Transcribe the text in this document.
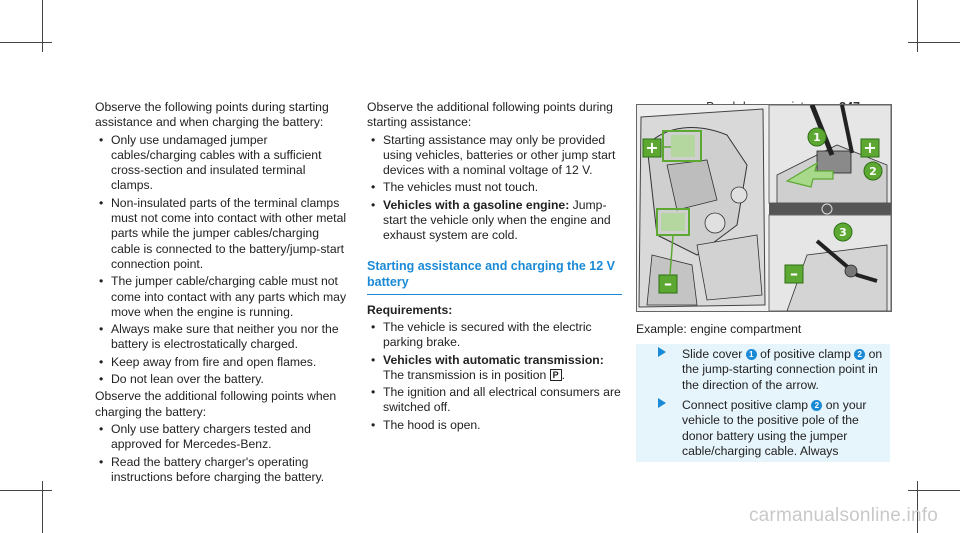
Observe the following points during starting assistance and when charging the battery:

• Only use undamaged jumper cables/charging cables with a sufficient cross-section and insulated terminal clamps.
• Non-insulated parts of the terminal clamps must not come into contact with other metal parts while the jumper cables/charging cable is connected to the battery/jump-start connection point.
• The jumper cable/charging cable must not come into contact with any parts which may move when the engine is running.
• Always make sure that neither you nor the battery is electrostatically charged.
• Keep away from fire and open flames.
• Do not lean over the battery.

Observe the additional following points when charging the battery:

• Only use battery chargers tested and approved for Mercedes-Benz.
• Read the battery charger's operating instructions before charging the battery.

Observe the additional following points during starting assistance:

• Starting assistance may only be provided using vehicles, batteries or other jump start devices with a nominal voltage of 12 V.
• The vehicles must not touch.
• Vehicles with a gasoline engine: Jump-start the vehicle only when the engine and exhaust system are cold.
Starting assistance and charging the 12 V battery

Requirements:

• The vehicle is secured with the electric parking brake.
• Vehicles with automatic transmission:
The transmission is in position P .
• The ignition and all electrical consumers are switched off.
• The hood is open.
+
–
+
1
2
3
–
Example: engine compartment
Slide cover 1 of positive clamp 2 on the jump-starting connection point in the direction of the arrow.
Connect positive clamp 2 on your vehicle to the positive pole of the donor battery using the jumper cable/charging cable. Always
carmanualsonline.info
